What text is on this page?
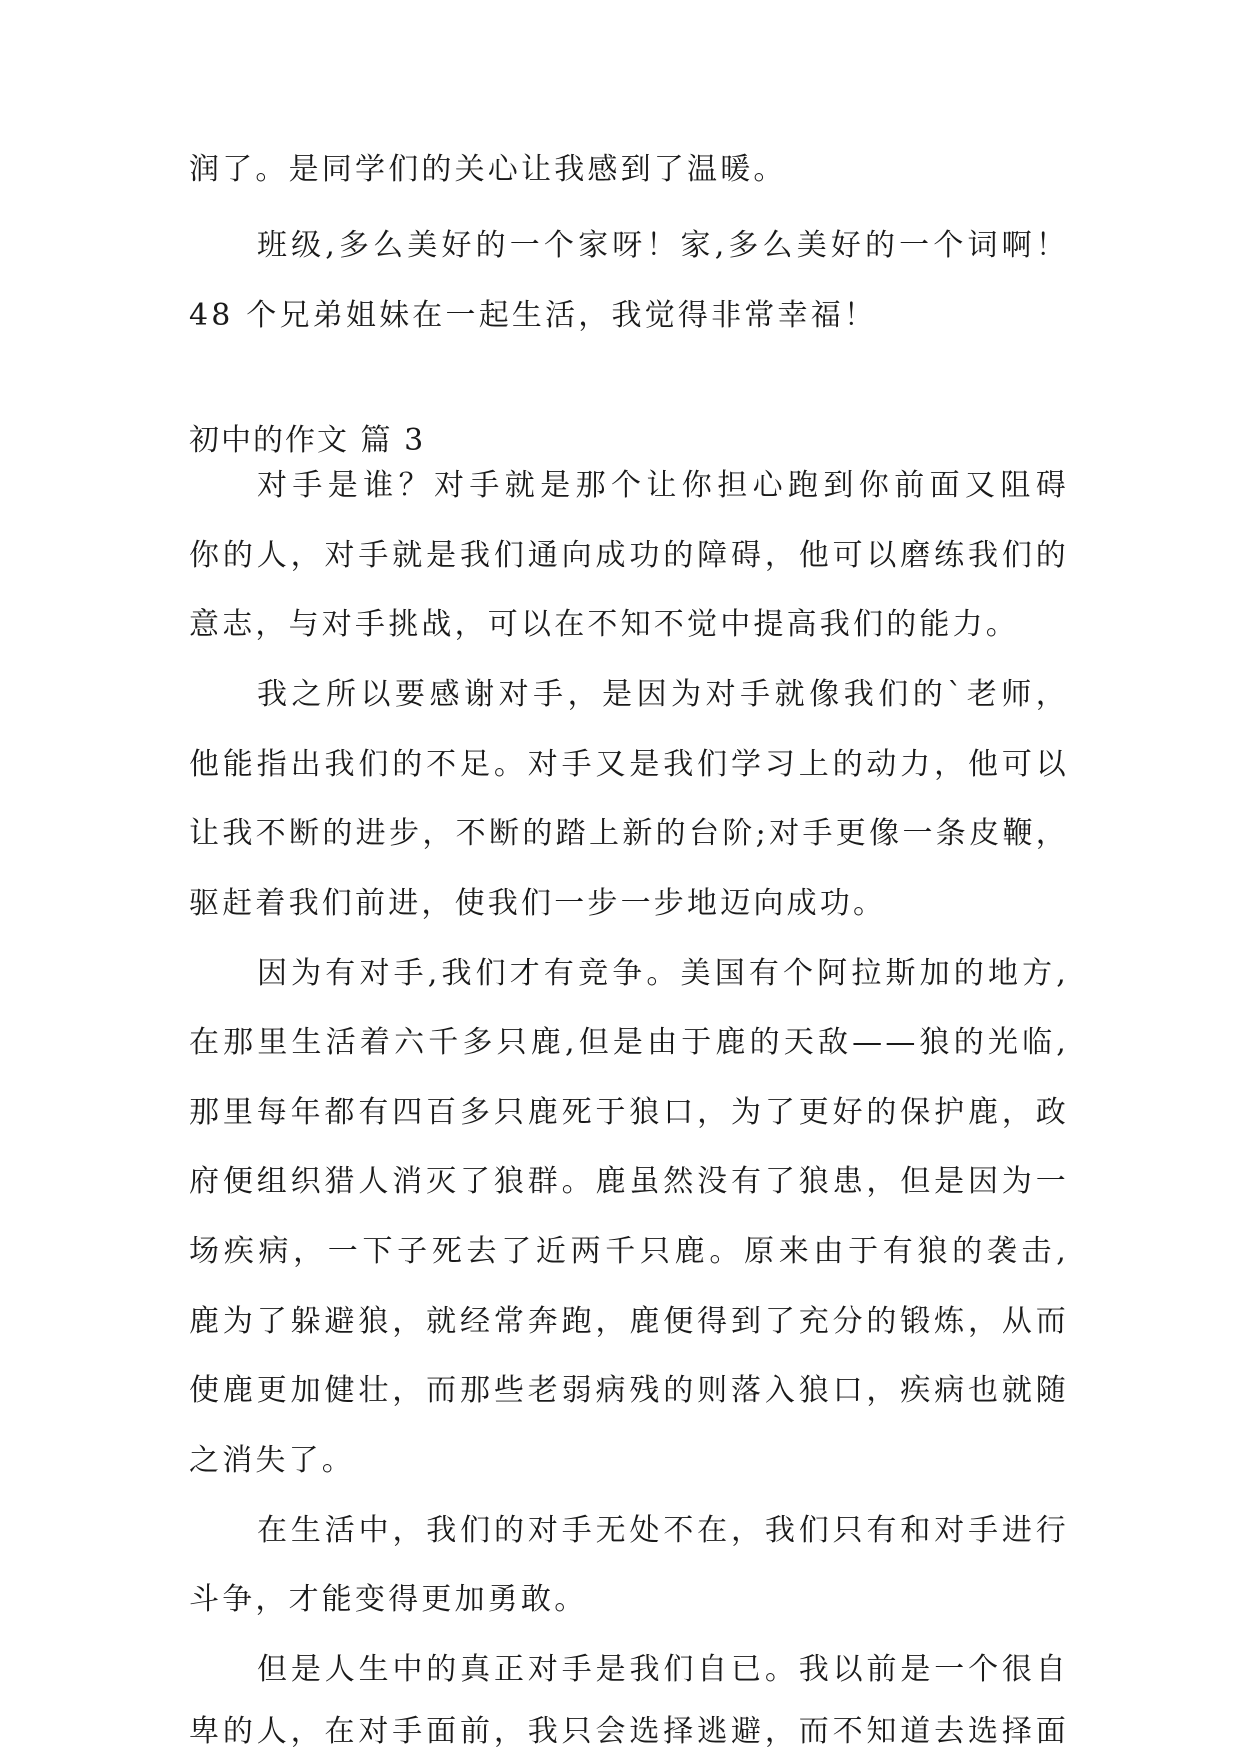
润了。是同学们的关心让我感到了温暖。
班级,多么美好的一个家呀！家,多么美好的一个词啊！
48 个兄弟姐妹在一起生活，我觉得非常幸福！
初中的作文 篇 3
对手是谁？对手就是那个让你担心跑到你前面又阻碍
你的人，对手就是我们通向成功的障碍，他可以磨练我们的
意志，与对手挑战，可以在不知不觉中提高我们的能力。
我之所以要感谢对手，是因为对手就像我们的`老师，
他能指出我们的不足。对手又是我们学习上的动力，他可以
让我不断的进步，不断的踏上新的台阶;对手更像一条皮鞭，
驱赶着我们前进，使我们一步一步地迈向成功。
因为有对手,我们才有竞争。美国有个阿拉斯加的地方,
在那里生活着六千多只鹿,但是由于鹿的天敌——狼的光临,
那里每年都有四百多只鹿死于狼口，为了更好的保护鹿，政
府便组织猎人消灭了狼群。鹿虽然没有了狼患，但是因为一
场疾病，一下子死去了近两千只鹿。原来由于有狼的袭击,
鹿为了躲避狼，就经常奔跑，鹿便得到了充分的锻炼，从而
使鹿更加健壮，而那些老弱病残的则落入狼口，疾病也就随
之消失了。
在生活中，我们的对手无处不在，我们只有和对手进行
斗争，才能变得更加勇敢。
但是人生中的真正对手是我们自已。我以前是一个很自
卑的人，在对手面前，我只会选择逃避，而不知道去选择面
